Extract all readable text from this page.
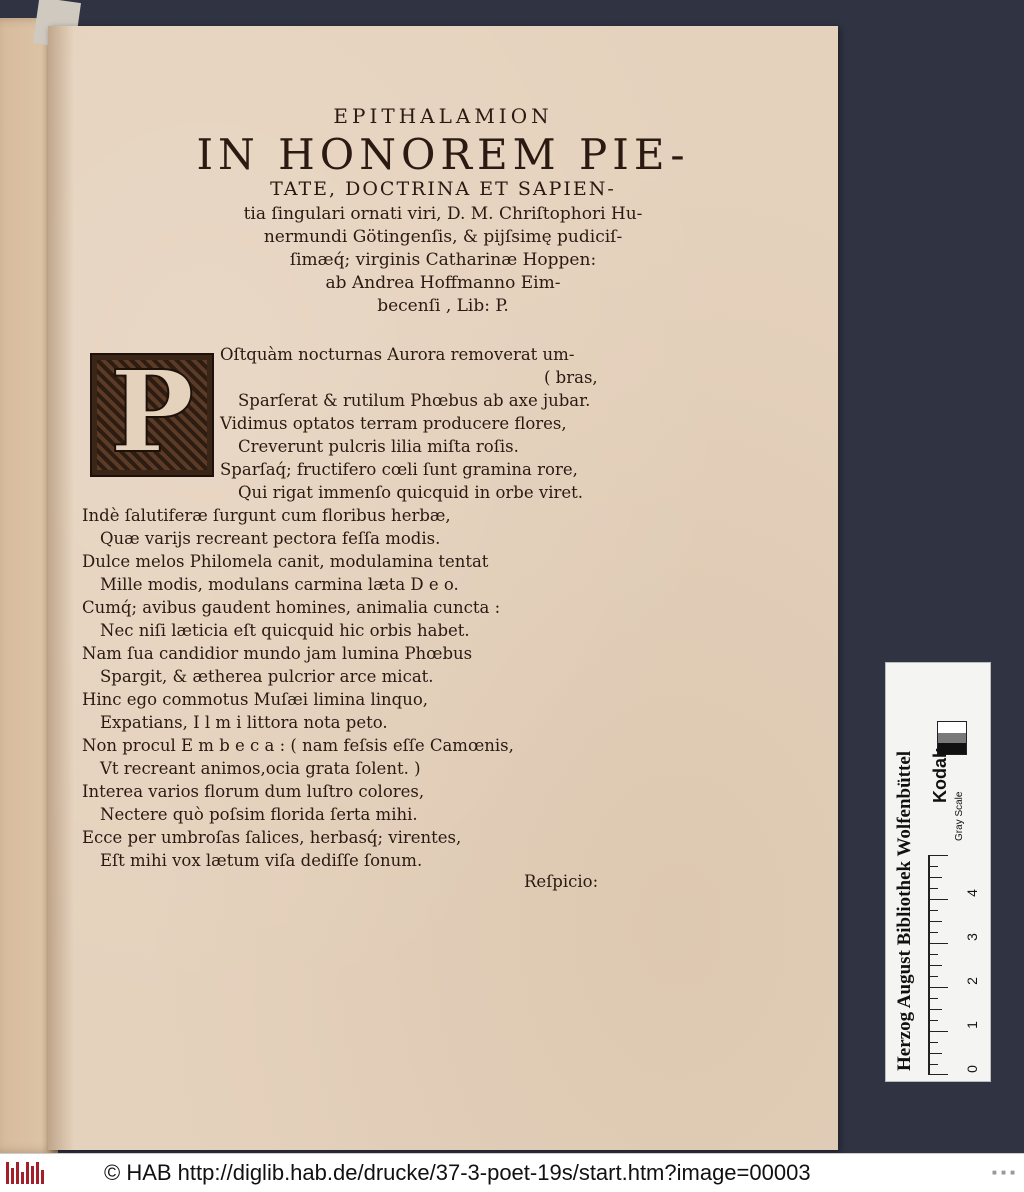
EPITHALAMION
IN HONOREM PIE-
TATE, DOCTRINA ET SAPIEN-
tia ſingulari ornati viri, D. M. Chriſtophori Hu-
nermundi Götingenſis, & pijſsimę pudiciſ-
ſimæq́; virginis Catharinæ Hoppen:
ab Andrea Hoffmanno Eim-
becenſi , Lib: P.
P	Oſtquàm nocturnas Aurora removerat um-
( bras,
Sparſerat & rutilum Phœbus ab axe jubar.
Vidimus optatos terram producere flores,
Creverunt pulcris lilia miſta roſis.
Sparſaq́; fructifero cœli ſunt gramina rore,
Qui rigat immenſo quicquid in orbe viret.
Indè ſalutiferæ ſurgunt cum floribus herbæ,
Quæ varijs recreant pectora feſſa modis.
Dulce melos Philomela canit, modulamina tentat
Mille modis, modulans carmina læta D e o.
Cumq́; avibus gaudent homines, animalia cuncta :
Nec niſi læticia eſt quicquid hic orbis habet.
Nam ſua candidior mundo jam lumina Phœbus
Spargit, & ætherea pulcrior arce micat.
Hinc ego commotus Muſæi limina linquo,
Expatians, I l m i littora nota peto.
Non procul E m b e c a : ( nam feſsis eſſe Camœnis,
Vt recreant animos,ocia grata ſolent. )
Interea varios florum dum luſtro colores,
Nectere quò poſsim florida ſerta mihi.
Ecce per umbroſas ſalices, herbasq́; virentes,
Eſt mihi vox lætum viſa dediſſe ſonum.
Reſpicio:	Herzog August Bibliothek Wolfenbüttel Kodak
Gray Scale
0
1
2
3
4
© HAB http://diglib.hab.de/drucke/37-3-poet-19s/start.htm?image=00003	■ ■ ■
